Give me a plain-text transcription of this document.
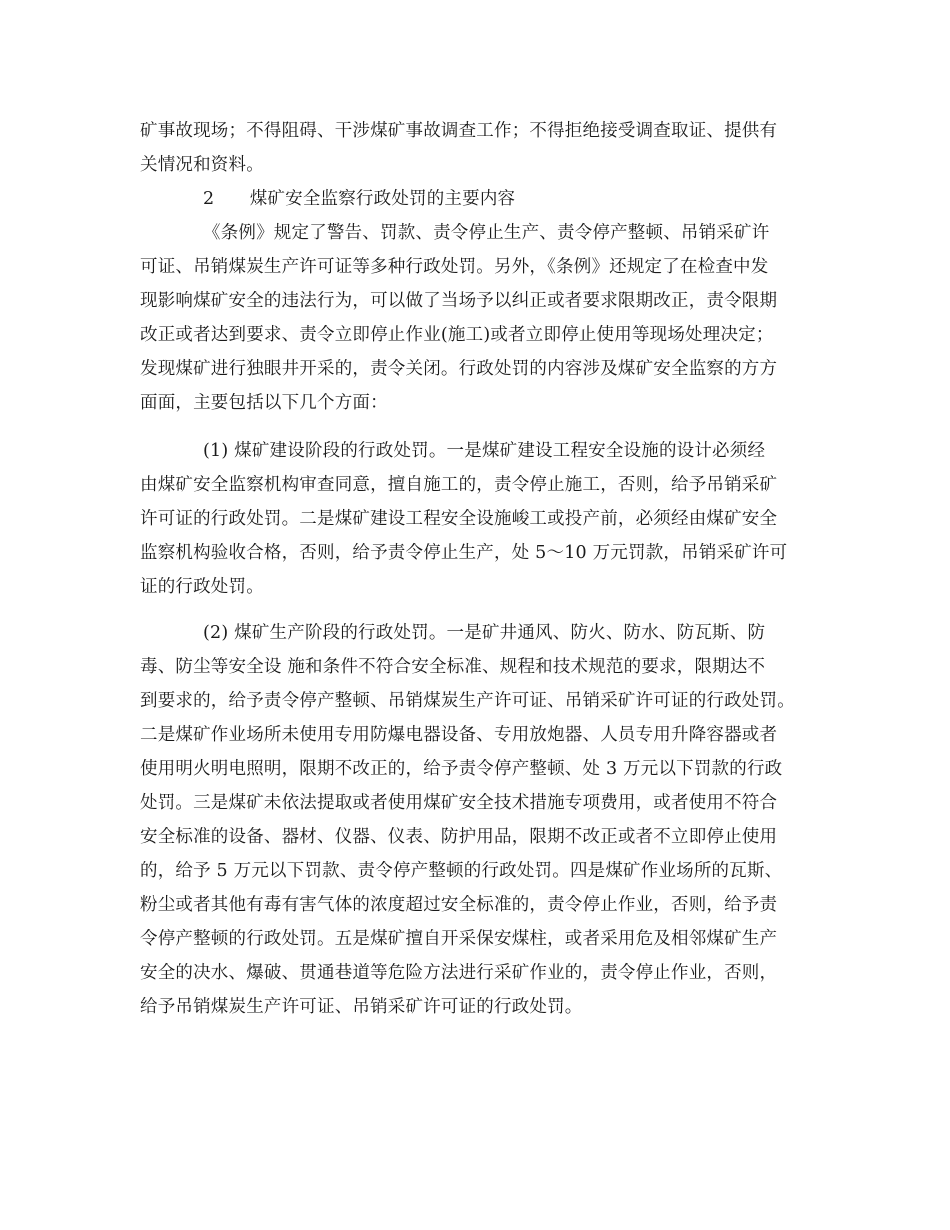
矿事故现场；不得阻碍、干涉煤矿事故调查工作；不得拒绝接受调查取证、提供有
关情况和资料。
2　　煤矿安全监察行政处罚的主要内容
《条例》规定了警告、罚款、责令停止生产、责令停产整顿、吊销采矿许
可证、吊销煤炭生产许可证等多种行政处罚。另外，《条例》还规定了在检查中发
现影响煤矿安全的违法行为，可以做了当场予以纠正或者要求限期改正，责令限期
改正或者达到要求、责令立即停止作业(施工)或者立即停止使用等现场处理决定；
发现煤矿进行独眼井开采的，责令关闭。行政处罚的内容涉及煤矿安全监察的方方
面面，主要包括以下几个方面：
(1) 煤矿建设阶段的行政处罚。一是煤矿建设工程安全设施的设计必须经
由煤矿安全监察机构审查同意，擅自施工的，责令停止施工，否则，给予吊销采矿
许可证的行政处罚。二是煤矿建设工程安全设施峻工或投产前，必须经由煤矿安全
监察机构验收合格，否则，给予责令停止生产，处 5～10 万元罚款，吊销采矿许可
证的行政处罚。
(2) 煤矿生产阶段的行政处罚。一是矿井通风、防火、防水、防瓦斯、防
毒、防尘等安全设 施和条件不符合安全标准、规程和技术规范的要求，限期达不
到要求的，给予责令停产整顿、吊销煤炭生产许可证、吊销采矿许可证的行政处罚。
二是煤矿作业场所未使用专用防爆电器设备、专用放炮器、人员专用升降容器或者
使用明火明电照明，限期不改正的，给予责令停产整顿、处 3 万元以下罚款的行政
处罚。三是煤矿未依法提取或者使用煤矿安全技术措施专项费用，或者使用不符合
安全标准的设备、器材、仪器、仪表、防护用品，限期不改正或者不立即停止使用
的，给予 5 万元以下罚款、责令停产整顿的行政处罚。四是煤矿作业场所的瓦斯、
粉尘或者其他有毒有害气体的浓度超过安全标准的，责令停止作业，否则，给予责
令停产整顿的行政处罚。五是煤矿擅自开采保安煤柱，或者采用危及相邻煤矿生产
安全的决水、爆破、贯通巷道等危险方法进行采矿作业的，责令停止作业，否则，
给予吊销煤炭生产许可证、吊销采矿许可证的行政处罚。
